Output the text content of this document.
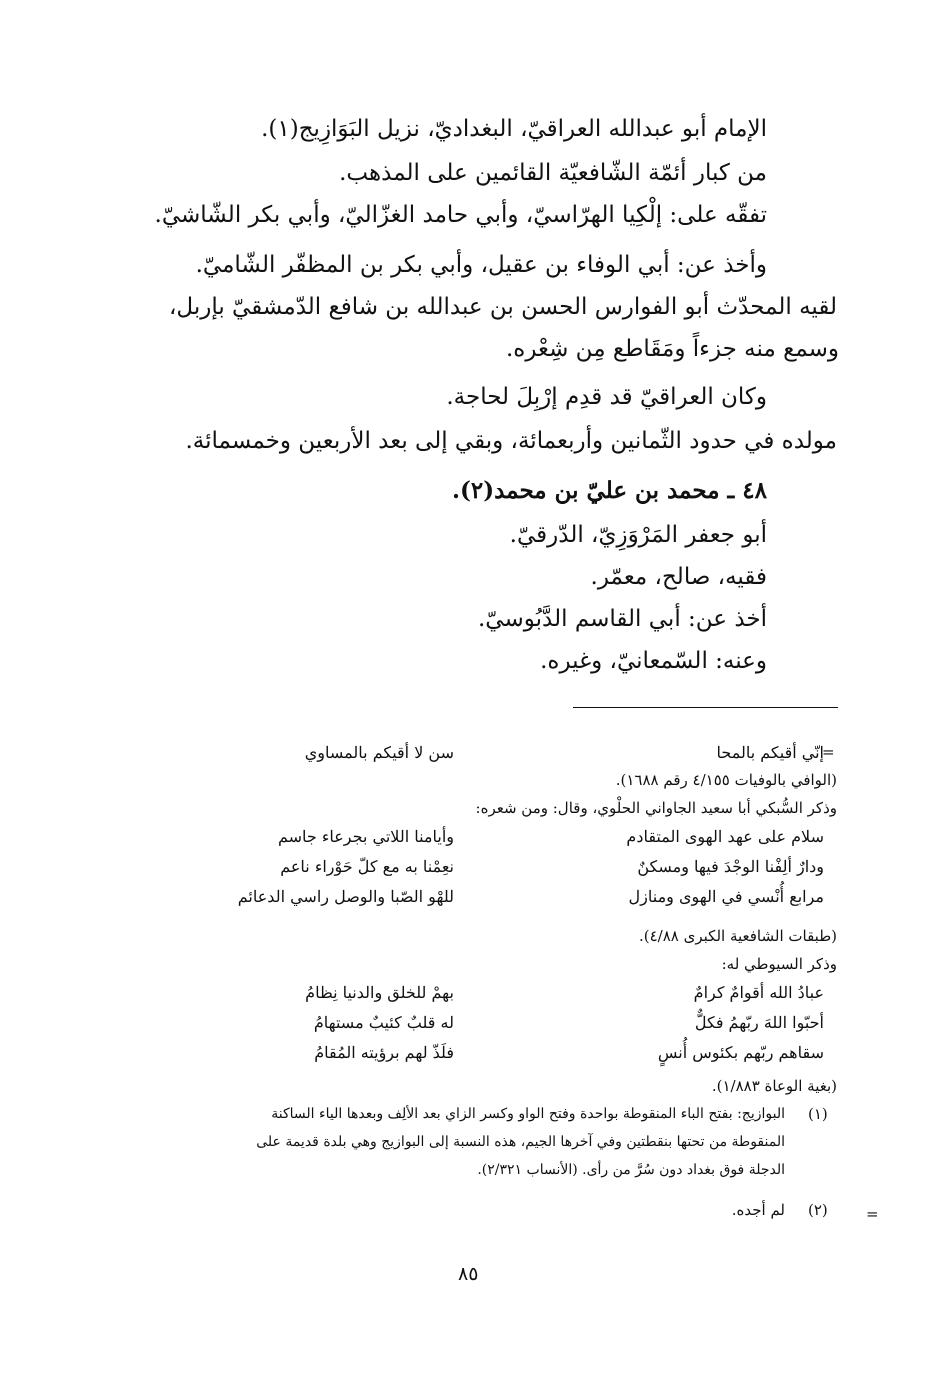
الإمام أبو عبدالله العراقيّ، البغداديّ، نزيل البَوَازِيج(١).
من كبار أئمّة الشّافعيّة القائمين على المذهب.
تفقّه على: إلْكِيا الهرّاسيّ، وأبي حامد الغزّاليّ، وأبي بكر الشّاشيّ.
وأخذ عن: أبي الوفاء بن عقيل، وأبي بكر بن المظفّر الشّاميّ.
لقيه المحدّث أبو الفوارس الحسن بن عبدالله بن شافع الدّمشقيّ بإربل،
وسمع منه جزءاً ومَقَاطع مِن شِعْره.
وكان العراقيّ قد قدِم إرْبِلَ لحاجة.
مولده في حدود الثّمانين وأربعمائة، وبقي إلى بعد الأربعين وخمسمائة.
٤٨ ـ محمد بن عليّ بن محمد(٢).
أبو جعفر المَرْوَزِيّ، الدّرقيّ.
فقيه، صالح، معمّر.
أخذ عن: أبي القاسم الدَّبُوسيّ.
وعنه: السّمعانيّ، وغيره.
=
إنّي أقيكم بالمحا
سن لا أقيكم بالمساوي
(الوافي بالوفيات ٤/١٥٥ رقم ١٦٨٨).
وذكر السُّبكي أبا سعيد الجاواني الحلْوي، وقال: ومن شعره:
سلام على عهد الهوى المتقادم
وأيامنا اللاتي بجرعاء جاسم
ودارٌ ألِفْنا الوجْدَ فيها ومسكنٌ
نعِمْنا به مع كلّ حَوْراء ناعم
مرابع أُنْسي في الهوى ومنازل
للهْو الصّبا والوصل راسي الدعائم
(طبقات الشافعية الكبرى ٤/٨٨).
وذكر السيوطي له:
عبادُ الله أقوامٌ كرامٌ
بهمْ للخلق والدنيا نِظامُ
أحبّوا اللهَ ربّهمُ فكلٌّ
له قلبٌ كئيبٌ مستهامُ
سقاهم ربّهم بكئوس أُنسٍ
فلَذّ لهم برؤيته المُقامُ
(بغية الوعاة ١/٨٨٣).
(١)
البوازيج: بفتح الباء المنقوطة بواحدة وفتح الواو وكسر الزاي بعد الألِف وبعدها الياء الساكنة
المنقوطة من تحتها بنقطتين وفي آخرها الجيم، هذه النسبة إلى البوازيج وهي بلدة قديمة على
الدجلة فوق بغداد دون سُرَّ من رأى. (الأنساب ٢/٣٢١).
(٢)
لم أجده.	=
٨٥
